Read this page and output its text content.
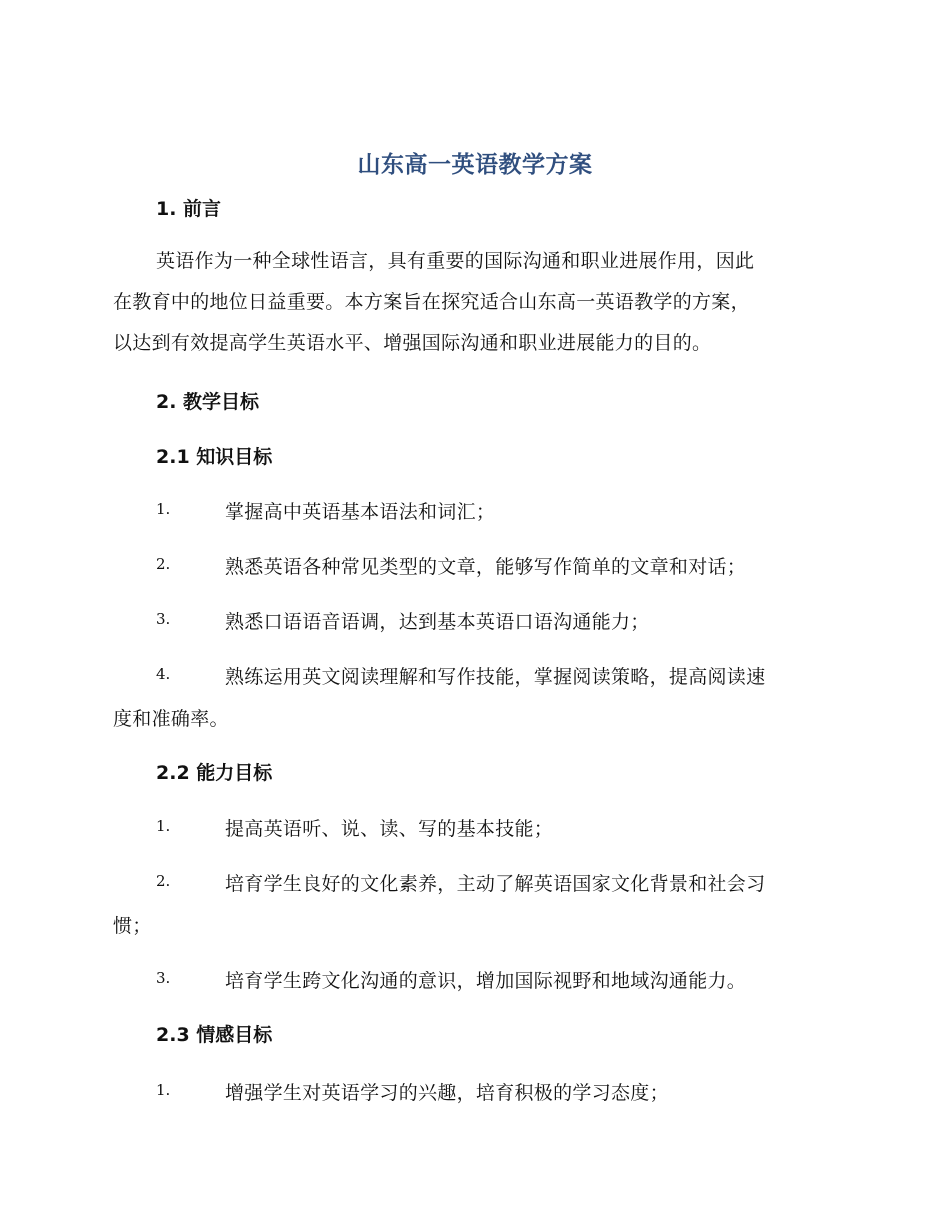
山东高一英语教学方案
1. 前言
英语作为一种全球性语言，具有重要的国际沟通和职业进展作用，因此
在教育中的地位日益重要。本方案旨在探究适合山东高一英语教学的方案，
以达到有效提高学生英语水平、增强国际沟通和职业进展能力的目的。
2. 教学目标
2.1 知识目标
1.	掌握高中英语基本语法和词汇；
2.	熟悉英语各种常见类型的文章，能够写作简单的文章和对话；
3.	熟悉口语语音语调，达到基本英语口语沟通能力；
4.	熟练运用英文阅读理解和写作技能，掌握阅读策略，提高阅读速
度和准确率。
2.2 能力目标
1.	提高英语听、说、读、写的基本技能；
2.	培育学生良好的文化素养，主动了解英语国家文化背景和社会习
惯；
3.	培育学生跨文化沟通的意识，增加国际视野和地域沟通能力。
2.3 情感目标
1.	增强学生对英语学习的兴趣，培育积极的学习态度；
